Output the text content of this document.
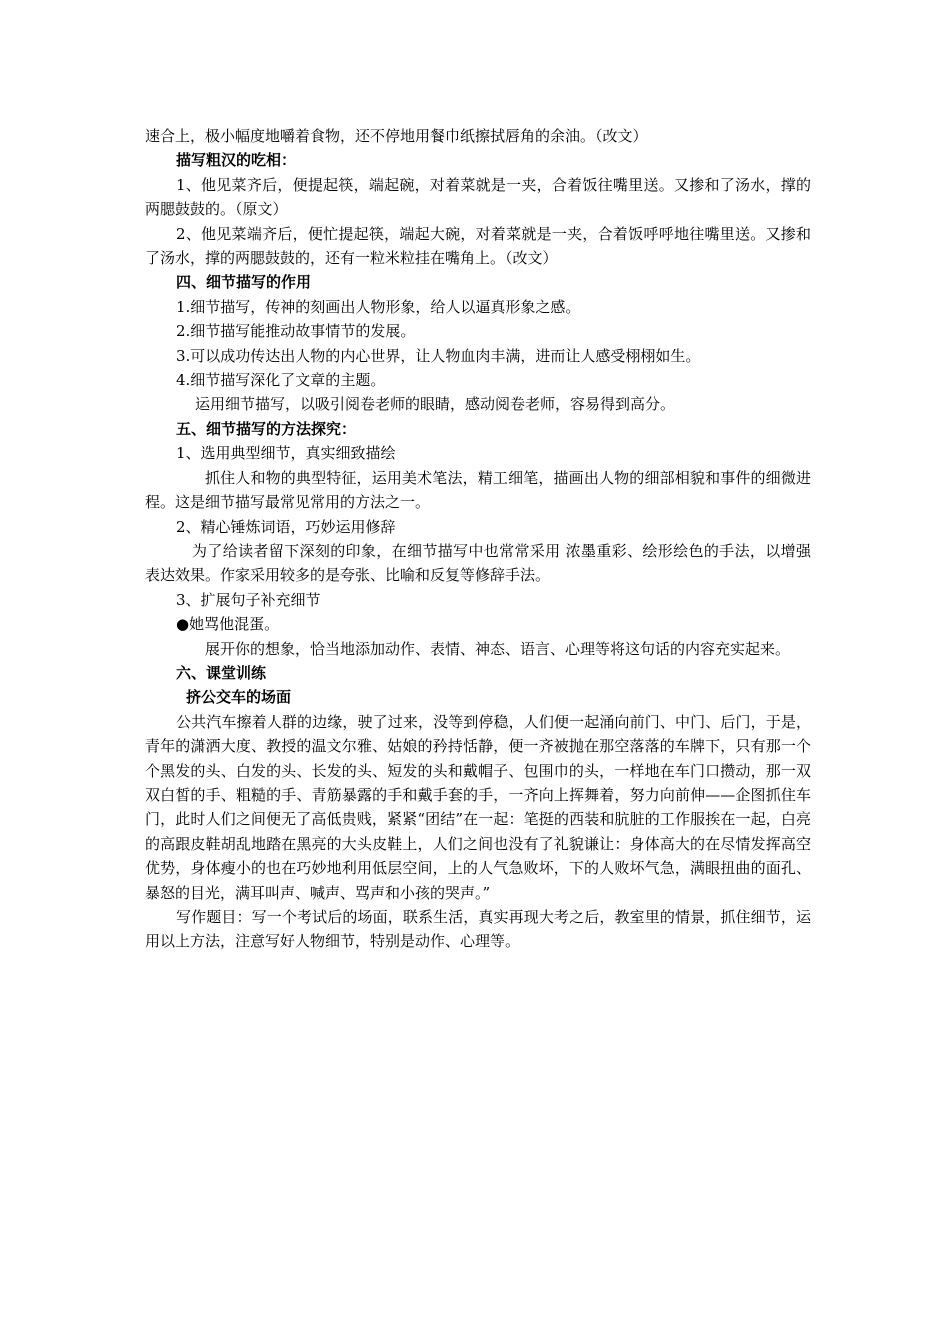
速合上，极小幅度地嚼着食物，还不停地用餐巾纸擦拭唇角的余油。（改文）

描写粗汉的吃相：

1、他见菜齐后，便提起筷，端起碗，对着菜就是一夹，合着饭往嘴里送。又掺和了汤水，撑的两腮鼓鼓的。（原文）

2、他见菜端齐后，便忙提起筷，端起大碗，对着菜就是一夹，合着饭呼呼地往嘴里送。又掺和了汤水，撑的两腮鼓鼓的，还有一粒米粒挂在嘴角上。（改文）

四、细节描写的作用

1.细节描写，传神的刻画出人物形象，给人以逼真形象之感。

2.细节描写能推动故事情节的发展。

3.可以成功传达出人物的内心世界，让人物血肉丰满，进而让人感受栩栩如生。

4.细节描写深化了文章的主题。

运用细节描写，以吸引阅卷老师的眼睛，感动阅卷老师，容易得到高分。

五、细节描写的方法探究：

1、选用典型细节，真实细致描绘

抓住人和物的典型特征，运用美术笔法，精工细笔，描画出人物的细部相貌和事件的细微进程。这是细节描写最常见常用的方法之一。

2、精心锤炼词语，巧妙运用修辞

为了给读者留下深刻的印象，在细节描写中也常常采用 浓墨重彩、绘形绘色的手法，以增强表达效果。作家采用较多的是夸张、比喻和反复等修辞手法。

3、扩展句子补充细节

●她骂他混蛋。

展开你的想象，恰当地添加动作、表情、神态、语言、心理等将这句话的内容充实起来。

六、课堂训练

挤公交车的场面

公共汽车擦着人群的边缘，驶了过来，没等到停稳，人们便一起涌向前门、中门、后门，于是，青年的潇洒大度、教授的温文尔雅、姑娘的矜持恬静，便一齐被抛在那空落落的车牌下，只有那一个个黑发的头、白发的头、长发的头、短发的头和戴帽子、包围巾的头，一样地在车门口攒动，那一双双白皙的手、粗糙的手、青筋暴露的手和戴手套的手，一齐向上挥舞着，努力向前伸——企图抓住车门，此时人们之间便无了高低贵贱，紧紧“团结”在一起：笔挺的西装和肮脏的工作服挨在一起，白亮的高跟皮鞋胡乱地踏在黑亮的大头皮鞋上，人们之间也没有了礼貌谦让：身体高大的在尽情发挥高空优势，身体瘦小的也在巧妙地利用低层空间，上的人气急败坏，下的人败坏气急，满眼扭曲的面孔、暴怒的目光，满耳叫声、喊声、骂声和小孩的哭声。”

写作题目：写一个考试后的场面，联系生活，真实再现大考之后，教室里的情景，抓住细节，运用以上方法，注意写好人物细节，特别是动作、心理等。
